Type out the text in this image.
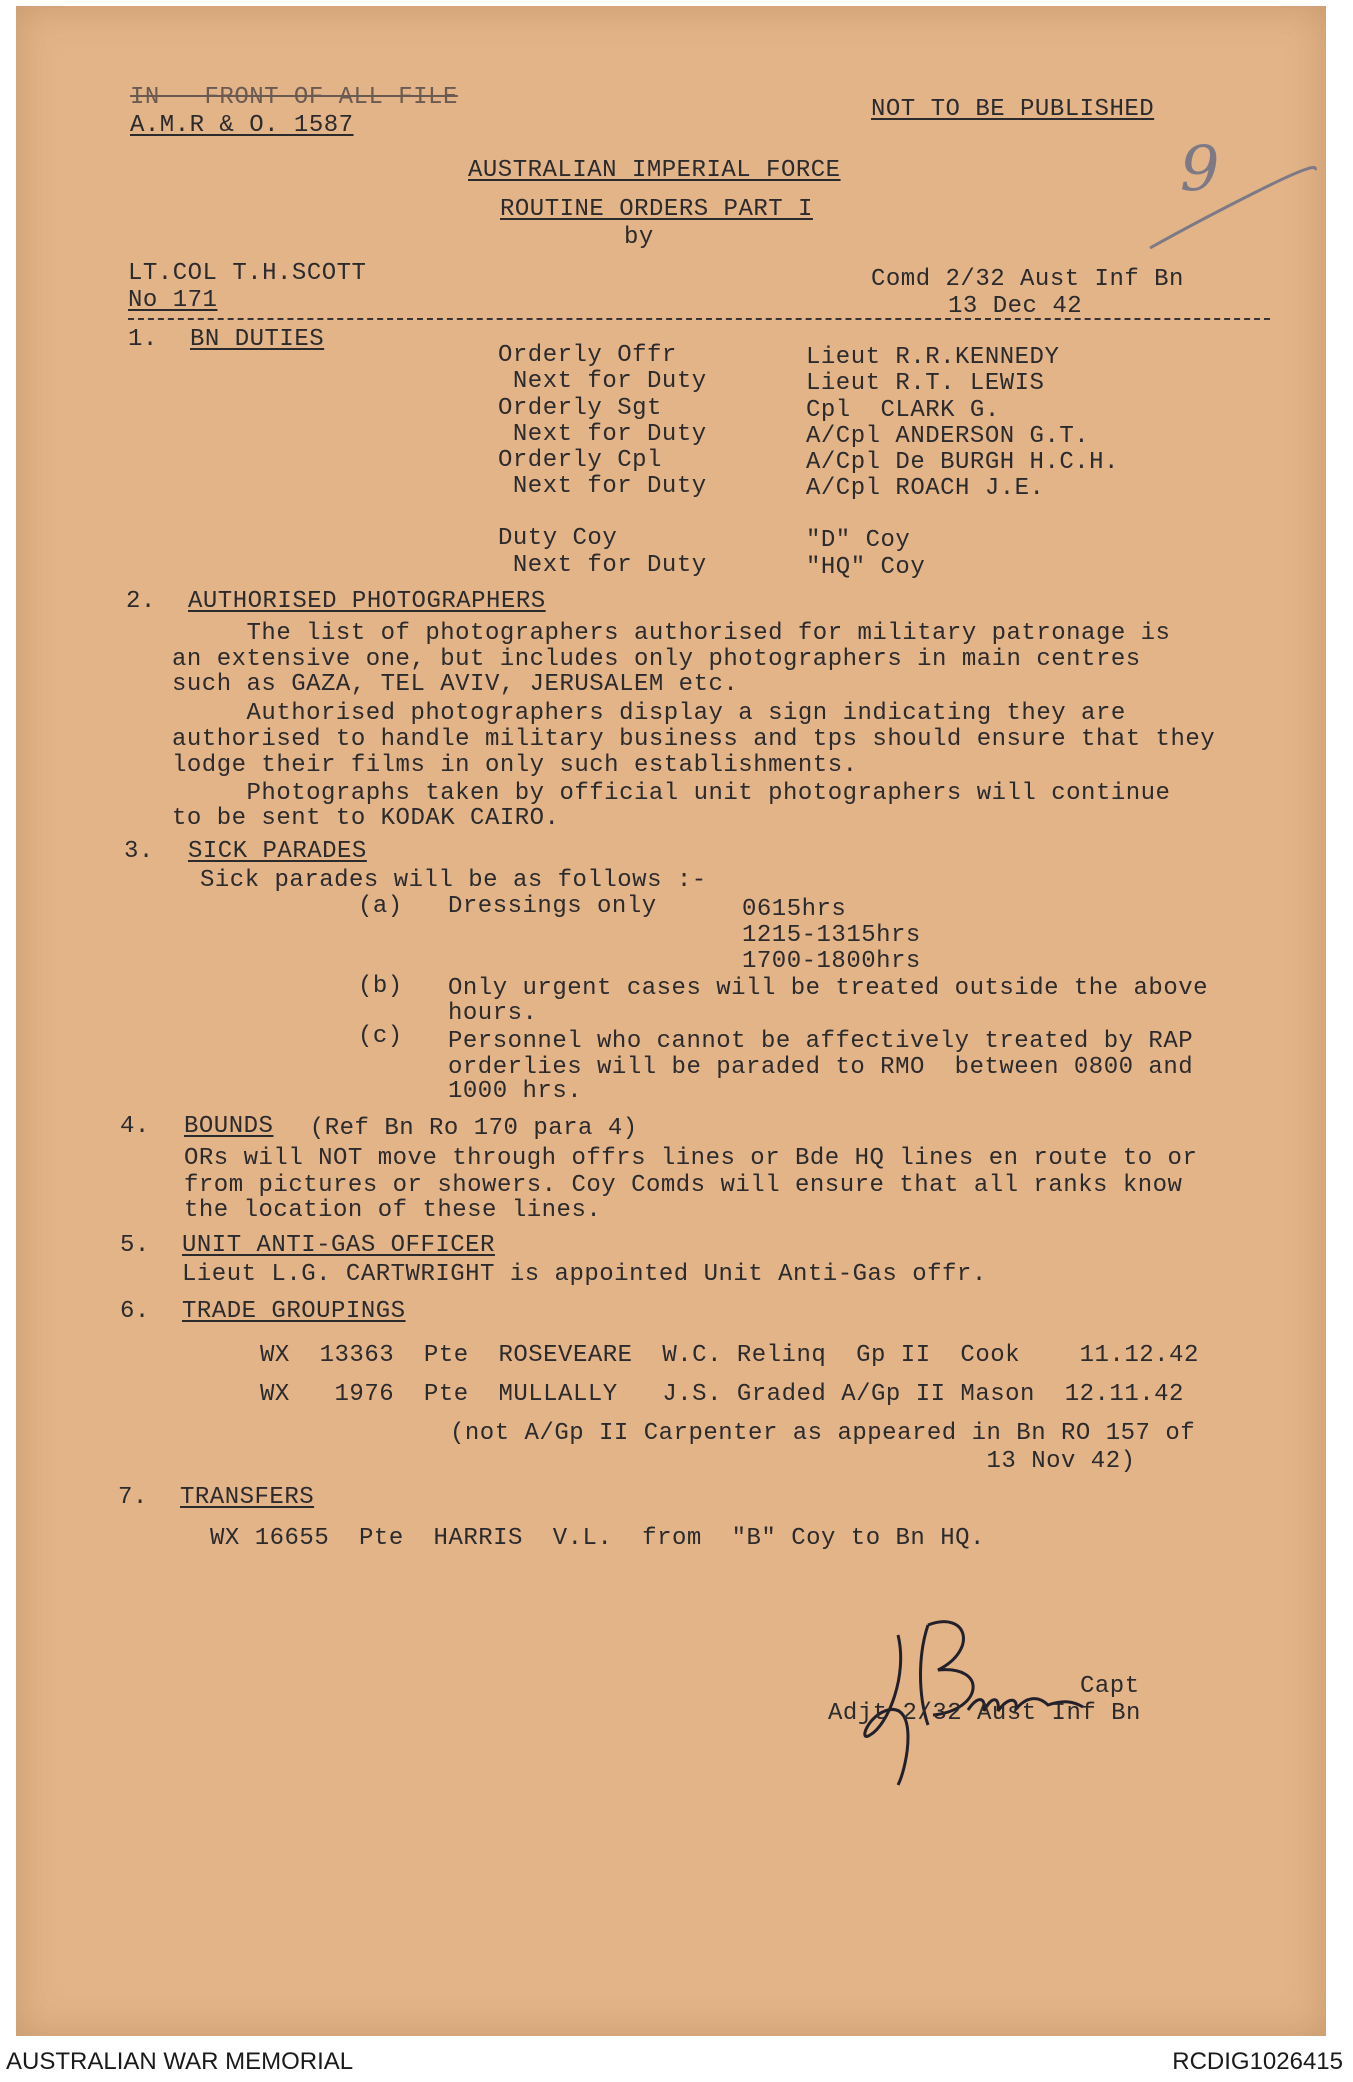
IN   FRONT OF ALL FILE
A.M.R & O. 1587
NOT TO BE PUBLISHED
AUSTRALIAN IMPERIAL FORCE
ROUTINE ORDERS PART I
by
LT.COL T.H.SCOTT
No 171
Comd 2/32 Aust Inf Bn
13 Dec 42
9
1. BN DUTIES
Orderly Offr	Lieut R.R.KENNEDY
Next for Duty	Lieut R.T. LEWIS
Orderly Sgt	Cpl  CLARK G.
Next for Duty	A/Cpl ANDERSON G.T.
Orderly Cpl	A/Cpl De BURGH H.C.H.
Next for Duty	A/Cpl ROACH J.E.
Duty Coy	"D" Coy
Next for Duty	"HQ" Coy
2. AUTHORISED PHOTOGRAPHERS
The list of photographers authorised for military patronage is
an extensive one, but includes only photographers in main centres
such as GAZA, TEL AVIV, JERUSALEM etc.
Authorised photographers display a sign indicating they are
authorised to handle military business and tps should ensure that they
lodge their films in only such establishments.
Photographs taken by official unit photographers will continue
to be sent to KODAK CAIRO.
3. SICK PARADES
Sick parades will be as follows :-
(a) Dressings only	0615hrs
1215-1315hrs
1700-1800hrs
(b) Only urgent cases will be treated outside the above
hours.
(c) Personnel who cannot be affectively treated by RAP
orderlies will be paraded to RMO  between 0800 and
1000 hrs.
4. BOUNDS (Ref Bn Ro 170 para 4)
ORs will NOT move through offrs lines or Bde HQ lines en route to or
from pictures or showers. Coy Comds will ensure that all ranks know
the location of these lines.
5. UNIT ANTI-GAS OFFICER
Lieut L.G. CARTWRIGHT is appointed Unit Anti-Gas offr.
6. TRADE GROUPINGS
WX  13363  Pte  ROSEVEARE  W.C. Relinq  Gp II  Cook    11.12.42
WX   1976  Pte  MULLALLY   J.S. Graded A/Gp II Mason  12.11.42
(not A/Gp II Carpenter as appeared in Bn RO 157 of
13 Nov 42)
7. TRANSFERS
WX 16655  Pte  HARRIS  V.L.  from  "B" Coy to Bn HQ.
Capt
Adjt 2/32 Aust Inf Bn
AUSTRALIAN WAR MEMORIAL	RCDIG1026415
